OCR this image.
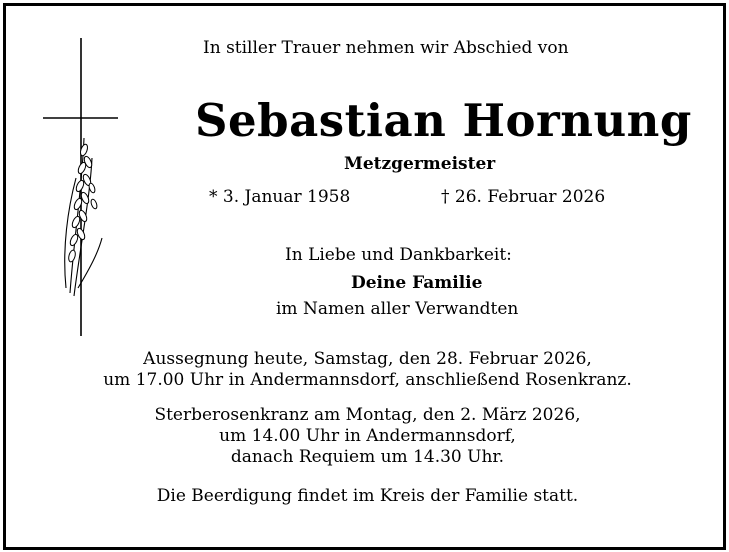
In stiller Trauer nehmen wir Abschied von
Sebastian Hornung
Metzgermeister
* 3. Januar 1958	† 26. Februar 2026
In Liebe und Dankbarkeit:
Deine Familie
im Namen aller Verwandten
Aussegnung heute, Samstag, den 28. Februar 2026,
um 17.00 Uhr in Andermannsdorf, anschließend Rosenkranz.
Sterberosenkranz am Montag, den 2. März 2026,
um 14.00 Uhr in Andermannsdorf,
danach Requiem um 14.30 Uhr.
Die Beerdigung findet im Kreis der Familie statt.
